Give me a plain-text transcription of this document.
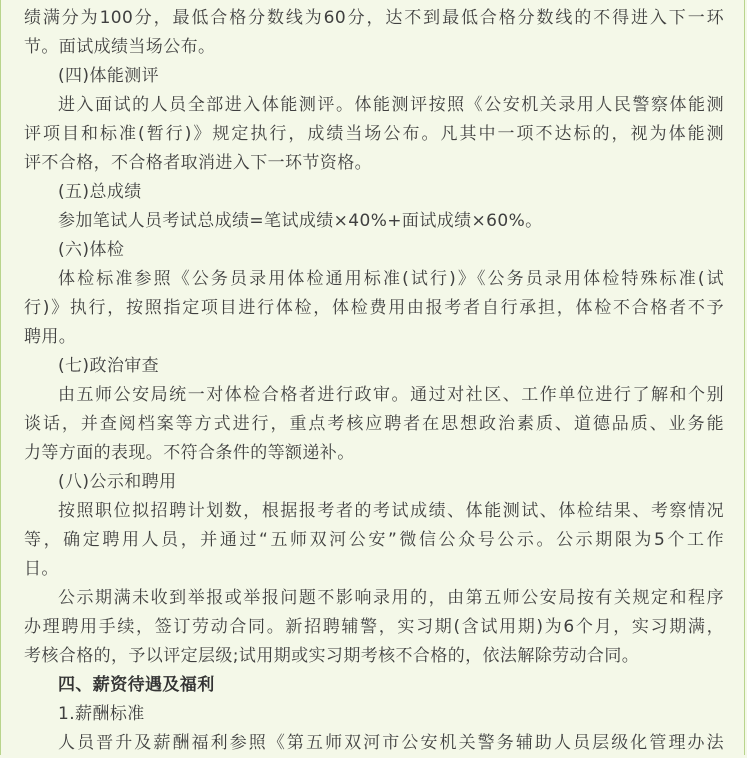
绩满分为100分，最低合格分数线为60分，达不到最低合格分数线的不得进入下一环
节。面试成绩当场公布。
(四)体能测评
进入面试的人员全部进入体能测评。体能测评按照《公安机关录用人民警察体能测
评项目和标准(暂行)》规定执行，成绩当场公布。凡其中一项不达标的，视为体能测
评不合格，不合格者取消进入下一环节资格。
(五)总成绩
参加笔试人员考试总成绩=笔试成绩×40%+面试成绩×60%。
(六)体检
体检标准参照《公务员录用体检通用标准(试行)》《公务员录用体检特殊标准(试
行)》执行，按照指定项目进行体检，体检费用由报考者自行承担，体检不合格者不予
聘用。
(七)政治审查
由五师公安局统一对体检合格者进行政审。通过对社区、工作单位进行了解和个别
谈话，并查阅档案等方式进行，重点考核应聘者在思想政治素质、道德品质、业务能
力等方面的表现。不符合条件的等额递补。
(八)公示和聘用
按照职位拟招聘计划数，根据报考者的考试成绩、体能测试、体检结果、考察情况
等，确定聘用人员，并通过“五师双河公安”微信公众号公示。公示期限为5个工作
日。
公示期满未收到举报或举报问题不影响录用的，由第五师公安局按有关规定和程序
办理聘用手续，签订劳动合同。新招聘辅警，实习期(含试用期)为6个月，实习期满，
考核合格的，予以评定层级;试用期或实习期考核不合格的，依法解除劳动合同。
四、薪资待遇及福利
1.薪酬标准
人员晋升及薪酬福利参照《第五师双河市公安机关警务辅助人员层级化管理办法
